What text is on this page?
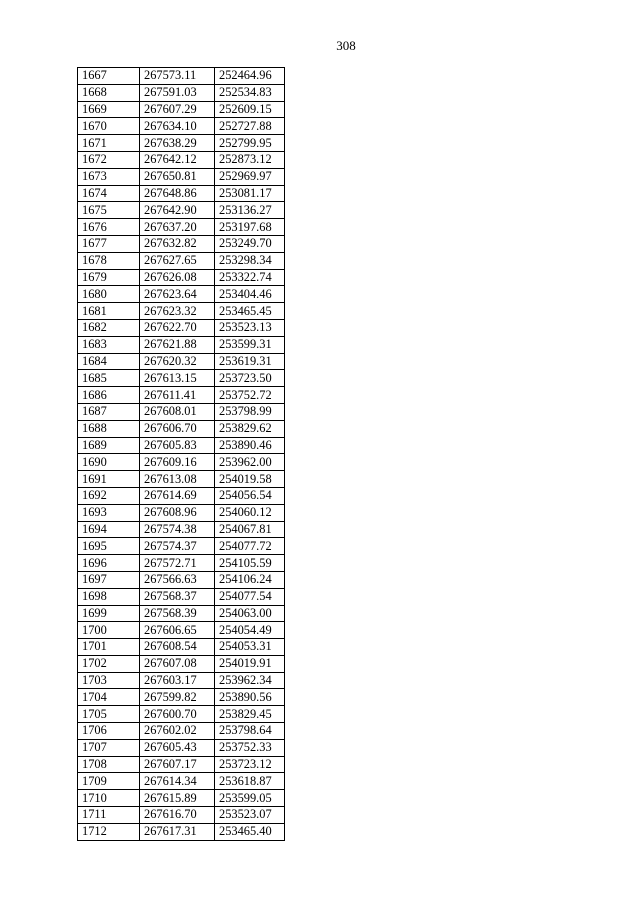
308
1667	267573.11	252464.96
1668	267591.03	252534.83
1669	267607.29	252609.15
1670	267634.10	252727.88
1671	267638.29	252799.95
1672	267642.12	252873.12
1673	267650.81	252969.97
1674	267648.86	253081.17
1675	267642.90	253136.27
1676	267637.20	253197.68
1677	267632.82	253249.70
1678	267627.65	253298.34
1679	267626.08	253322.74
1680	267623.64	253404.46
1681	267623.32	253465.45
1682	267622.70	253523.13
1683	267621.88	253599.31
1684	267620.32	253619.31
1685	267613.15	253723.50
1686	267611.41	253752.72
1687	267608.01	253798.99
1688	267606.70	253829.62
1689	267605.83	253890.46
1690	267609.16	253962.00
1691	267613.08	254019.58
1692	267614.69	254056.54
1693	267608.96	254060.12
1694	267574.38	254067.81
1695	267574.37	254077.72
1696	267572.71	254105.59
1697	267566.63	254106.24
1698	267568.37	254077.54
1699	267568.39	254063.00
1700	267606.65	254054.49
1701	267608.54	254053.31
1702	267607.08	254019.91
1703	267603.17	253962.34
1704	267599.82	253890.56
1705	267600.70	253829.45
1706	267602.02	253798.64
1707	267605.43	253752.33
1708	267607.17	253723.12
1709	267614.34	253618.87
1710	267615.89	253599.05
1711	267616.70	253523.07
1712	267617.31	253465.40
